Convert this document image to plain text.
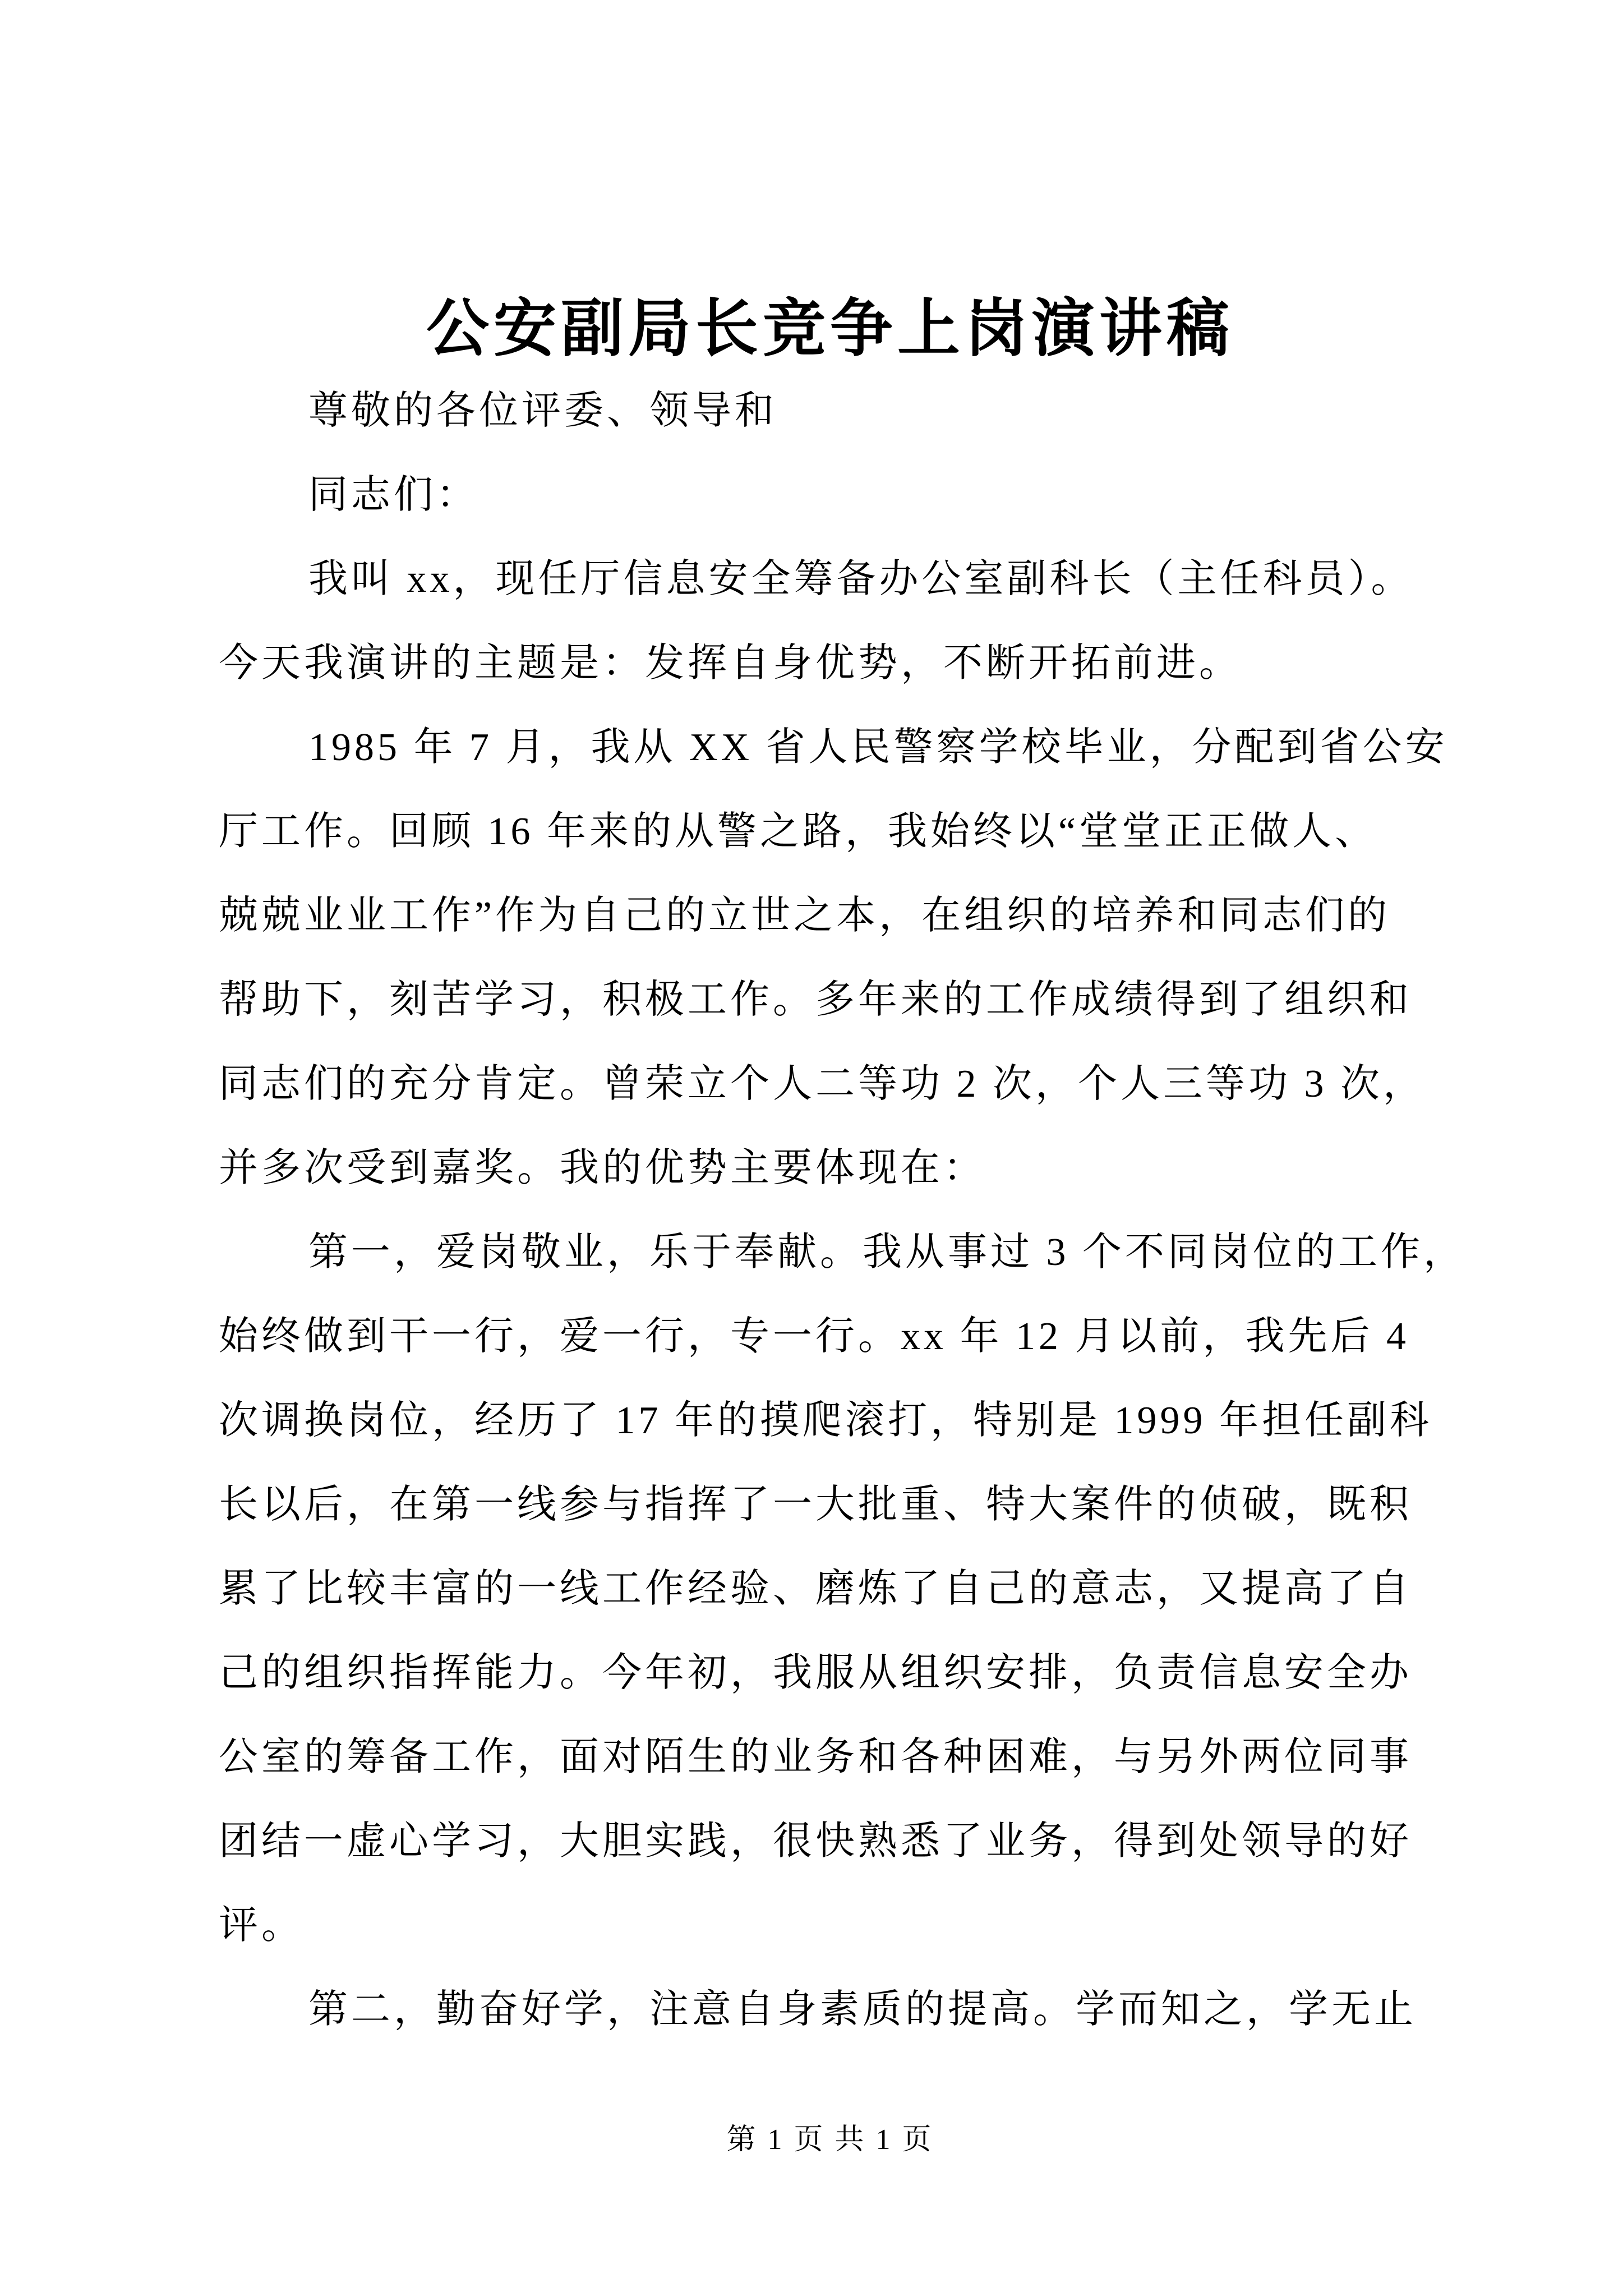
公安副局长竞争上岗演讲稿
尊敬的各位评委、领导和
同志们：
我叫 xx，现任厅信息安全筹备办公室副科长（主任科员）。
今天我演讲的主题是：发挥自身优势，不断开拓前进。
1985 年 7 月，我从 XX 省人民警察学校毕业，分配到省公安
厅工作。回顾 16 年来的从警之路，我始终以“堂堂正正做人、
兢兢业业工作”作为自己的立世之本，在组织的培养和同志们的
帮助下，刻苦学习，积极工作。多年来的工作成绩得到了组织和
同志们的充分肯定。曾荣立个人二等功 2 次，个人三等功 3 次，
并多次受到嘉奖。我的优势主要体现在：
第一，爱岗敬业，乐于奉献。我从事过 3 个不同岗位的工作，
始终做到干一行，爱一行，专一行。xx 年 12 月以前，我先后 4
次调换岗位，经历了 17 年的摸爬滚打，特别是 1999 年担任副科
长以后，在第一线参与指挥了一大批重、特大案件的侦破，既积
累了比较丰富的一线工作经验、磨炼了自己的意志，又提高了自
己的组织指挥能力。今年初，我服从组织安排，负责信息安全办
公室的筹备工作，面对陌生的业务和各种困难，与另外两位同事
团结一虚心学习，大胆实践，很快熟悉了业务，得到处领导的好
评。
第二，勤奋好学，注意自身素质的提高。学而知之，学无止
第 1 页 共 1 页
